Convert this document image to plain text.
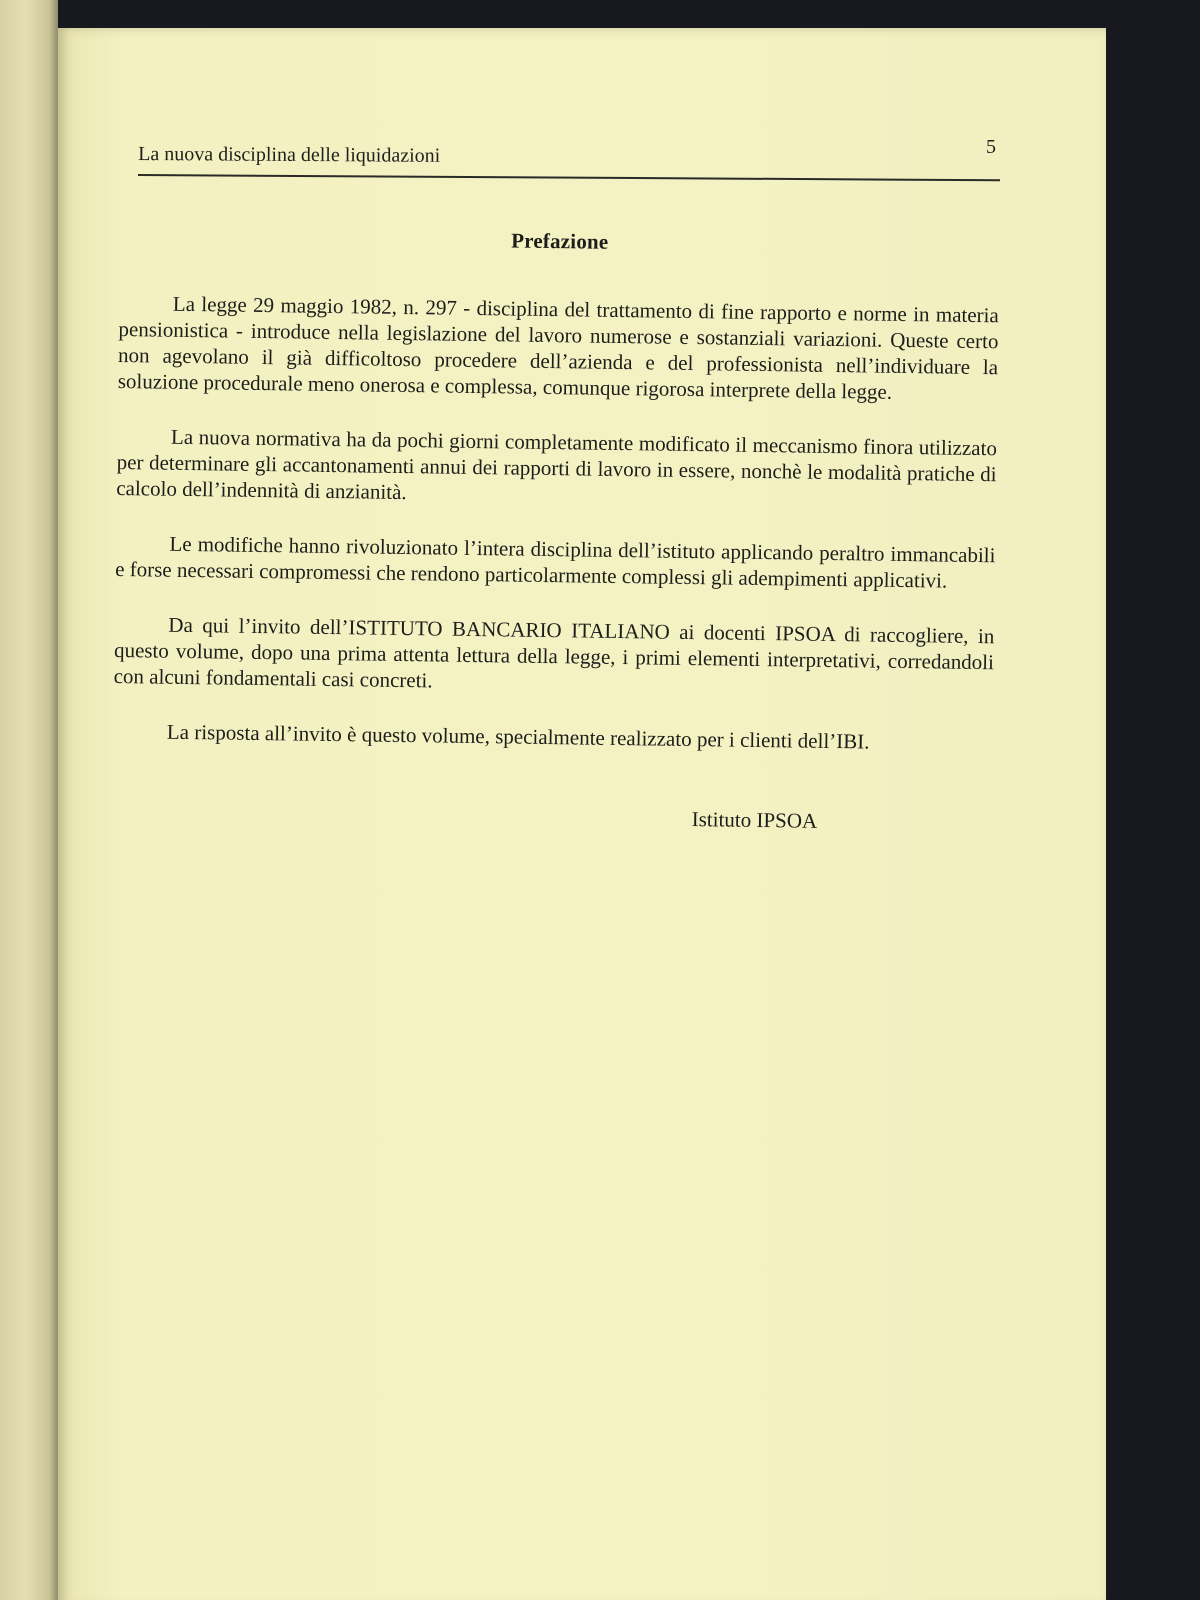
La nuova disciplina delle liquidazioni	5
Prefazione

La legge 29 maggio 1982, n. 297 - disciplina del trattamento di fine rapporto e norme in materia pensionistica - introduce nella legislazione del lavoro numerose e sostanziali variazioni. Queste certo non agevolano il già difficoltoso procedere dell’azienda e del professionista nell’individuare la soluzione procedurale meno onerosa e complessa, comunque rigorosa interprete della legge.

La nuova normativa ha da pochi giorni completamente modificato il meccanismo finora utilizzato per determinare gli accantonamenti annui dei rapporti di lavoro in essere, nonchè le modalità pratiche di calcolo dell’indennità di anzianità.

Le modifiche hanno rivoluzionato l’intera disciplina dell’istituto applicando peraltro immancabili e forse necessari compromessi che rendono particolarmente complessi gli adempimenti applicativi.

Da qui l’invito dell’ISTITUTO BANCARIO ITALIANO ai docenti IPSOA di raccogliere, in questo volume, dopo una prima attenta lettura della legge, i primi elementi interpretativi, corredandoli con alcuni fondamentali casi concreti.

La risposta all’invito è questo volume, specialmente realizzato per i clienti dell’IBI.

Istituto IPSOA
